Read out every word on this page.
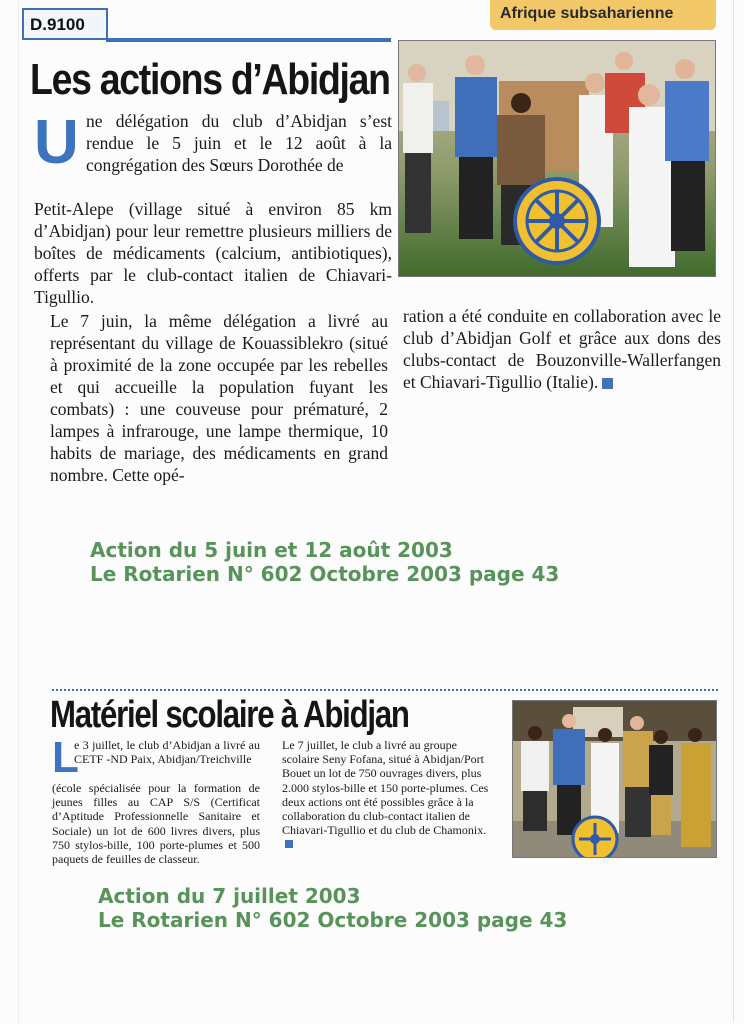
D.9100
Afrique subsaharienne
Les actions d’Abidjan
U ne délégation du club d’Abidjan s’est rendue le 5 juin et le 12 août à la congrégation des Sœurs Dorothée de
Petit-Alepe (village situé à environ 85 km d’Abidjan) pour leur remettre plusieurs milliers de boîtes de médicaments (calcium, antibiotiques), offerts par le club-contact italien de Chiavari-Tigullio.
Le 7 juin, la même délégation a livré au représentant du village de Kouassiblekro (situé à proximité de la zone occupée par les rebelles et qui accueille la population fuyant les combats) : une couveuse pour prématuré, 2 lampes à infrarouge, une lampe thermique, 10 habits de mariage, des médicaments en grand nombre. Cette opé-
ration a été conduite en collaboration avec le club d’Abidjan Golf et grâce aux dons des clubs-contact de Bouzonville-Wallerfangen et Chiavari-Tigullio (Italie).
Action du 5 juin et 12 août 2003
Le Rotarien N° 602 Octobre 2003 page 43
Matériel scolaire à Abidjan
L
e 3 juillet, le club d’Abidjan a livré au CETF -ND Paix, Abidjan/Treichville
(école spécialisée pour la formation de jeunes filles au CAP S/S (Certificat d’Aptitude Professionnelle Sanitaire et Sociale) un lot de 600 livres divers, plus 750 stylos-bille, 100 porte-plumes et 500 paquets de feuilles de classeur.
Le 7 juillet, le club a livré au groupe scolaire Seny Fofana, situé à Abidjan/Port Bouet un lot de 750 ouvrages divers, plus 2.000 stylos-bille et 150 porte-plumes. Ces deux actions ont été possibles grâce à la collaboration du club-contact italien de Chiavari-Tigullio et du club de Chamonix.
Action du 7 juillet 2003
Le Rotarien N° 602 Octobre 2003 page 43
